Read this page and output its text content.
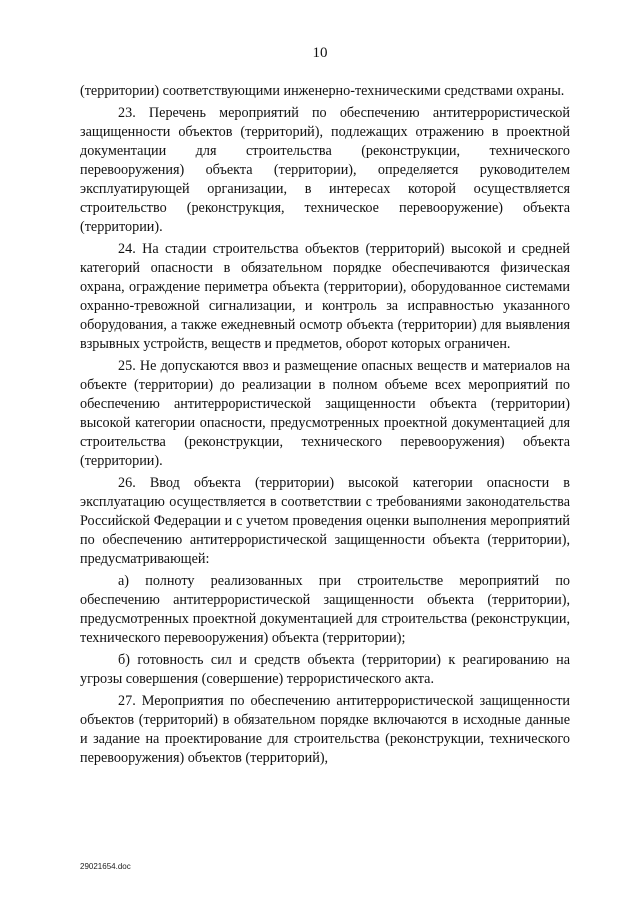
10

(территории) соответствующими инженерно-техническими средствами охраны.

23. Перечень мероприятий по обеспечению антитеррористической защищенности объектов (территорий), подлежащих отражению в проектной документации для строительства (реконструкции, технического перевооружения) объекта (территории), определяется руководителем эксплуатирующей организации, в интересах которой осуществляется строительство (реконструкция, техническое перевооружение) объекта (территории).

24. На стадии строительства объектов (территорий) высокой и средней категорий опасности в обязательном порядке обеспечиваются физическая охрана, ограждение периметра объекта (территории), оборудованное системами охранно-тревожной сигнализации, и контроль за исправностью указанного оборудования, а также ежедневный осмотр объекта (территории) для выявления взрывных устройств, веществ и предметов, оборот которых ограничен.

25. Не допускаются ввоз и размещение опасных веществ и материалов на объекте (территории) до реализации в полном объеме всех мероприятий по обеспечению антитеррористической защищенности объекта (территории) высокой категории опасности, предусмотренных проектной документацией для строительства (реконструкции, технического перевооружения) объекта (территории).

26. Ввод объекта (территории) высокой категории опасности в эксплуатацию осуществляется в соответствии с требованиями законодательства Российской Федерации и с учетом проведения оценки выполнения мероприятий по обеспечению антитеррористической защищенности объекта (территории), предусматривающей:

а) полноту реализованных при строительстве мероприятий по обеспечению антитеррористической защищенности объекта (территории), предусмотренных проектной документацией для строительства (реконструкции, технического перевооружения) объекта (территории);

б) готовность сил и средств объекта (территории) к реагированию на угрозы совершения (совершение) террористического акта.

27. Мероприятия по обеспечению антитеррористической защищенности объектов (территорий) в обязательном порядке включаются в исходные данные и задание на проектирование для строительства (реконструкции, технического перевооружения) объектов (территорий),

29021654.doc
